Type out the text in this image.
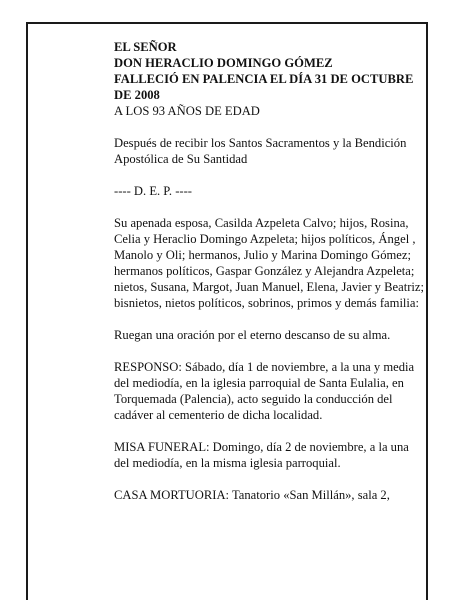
EL SEÑOR
DON HERACLIO DOMINGO GÓMEZ
FALLECIÓ EN PALENCIA EL DÍA 31 DE OCTUBRE DE 2008
A LOS 93 AÑOS DE EDAD

Después de recibir los Santos Sacramentos y la Bendición Apostólica de Su Santidad

---- D. E. P. ----

Su apenada esposa, Casilda Azpeleta Calvo; hijos, Rosina, Celia y Heraclio Domingo Azpeleta; hijos políticos, Ángel , Manolo y Oli; hermanos, Julio y Marina Domingo Gómez; hermanos políticos, Gaspar González y Alejandra Azpeleta; nietos, Susana, Margot, Juan Manuel, Elena, Javier y Beatriz; bisnietos, nietos políticos, sobrinos, primos y demás familia:

Ruegan una oración por el eterno descanso de su alma.

RESPONSO: Sábado, día 1 de noviembre, a la una y media del mediodía, en la iglesia parroquial de Santa Eulalia, en Torquemada (Palencia), acto seguido la conducción del cadáver al cementerio de dicha localidad.

MISA FUNERAL: Domingo, día 2 de noviembre, a la una del mediodía, en la misma iglesia parroquial.

CASA MORTUORIA: Tanatorio «San Millán», sala 2,
